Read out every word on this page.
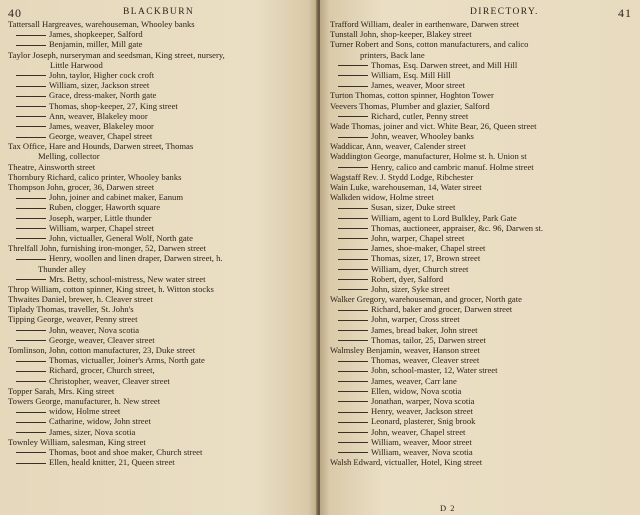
40	BLACKBURN
Tattersall Hargreaves, warehouseman, Whooley banks
James, shopkeeper, Salford
Benjamin, miller, Mill gate
Taylor Joseph, nurseryman and seedsman, King street, nursery,
Little Harwood
John, taylor, Higher cock croft
William, sizer, Jackson street
Grace, dress-maker, North gate
Thomas, shop-keeper, 27, King street
Ann, weaver, Blakeley moor
James, weaver, Blakeley moor
George, weaver, Chapel street
Tax Office, Hare and Hounds, Darwen street, Thomas
Melling, collector
Theatre, Ainsworth street
Thornbury Richard, calico printer, Whooley banks
Thompson John, grocer, 36, Darwen street
John, joiner and cabinet maker, Eanum
Ruben, clogger, Haworth square
Joseph, warper, Little thunder
William, warper, Chapel street
John, victualler, General Wolf, North gate
Threlfall John, furnishing iron-monger, 52, Darwen street
Henry, woollen and linen draper, Darwen street, h.
Thunder alley
Mrs. Betty, school-mistress, New water street
Throp William, cotton spinner, King street, h. Witton stocks
Thwaites Daniel, brewer, h. Cleaver street
Tiplady Thomas, traveller, St. John's
Tipping George, weaver, Penny street
John, weaver, Nova scotia
George, weaver, Cleaver street
Tomlinson, John, cotton manufacturer, 23, Duke street
Thomas, victualler, Joiner's Arms, North gate
Richard, grocer, Church street,
Christopher, weaver, Cleaver street
Topper Sarah, Mrs. King street
Towers George, manufacturer, h. New street
widow, Holme street
Catharine, widow, John street
James, sizer, Nova scotia
Townley William, salesman, King street
Thomas, boot and shoe maker, Church street
Ellen, heald knitter, 21, Queen street
DIRECTORY.	41
Trafford William, dealer in earthenware, Darwen street
Tunstall John, shop-keeper, Blakey street
Turner Robert and Sons, cotton manufacturers, and calico
printers, Back lane
Thomas, Esq. Darwen street, and Mill Hill
William, Esq. Mill Hill
James, weaver, Moor street
Turton Thomas, cotton spinner, Hoghton Tower
Veevers Thomas, Plumber and glazier, Salford
Richard, cutler, Penny street
Wade Thomas, joiner and vict. White Bear, 26, Queen street
John, weaver, Whooley banks
Waddicar, Ann, weaver, Calender street
Waddington George, manufacturer, Holme st. h. Union st
Henry, calico and cambric manuf. Holme street
Wagstaff Rev. J. Stydd Lodge, Ribchester
Wain Luke, warehouseman, 14, Water street
Walkden widow, Holme street
Susan, sizer, Duke street
William, agent to Lord Bulkley, Park Gate
Thomas, auctioneer, appraiser, &c. 96, Darwen st.
John, warper, Chapel street
James, shoe-maker, Chapel street
Thomas, sizer, 17, Brown street
William, dyer, Church street
Robert, dyer, Salford
John, sizer, Syke street
Walker Gregory, warehouseman, and grocer, North gate
Richard, baker and grocer, Darwen street
John, warper, Cross street
James, bread baker, John street
Thomas, tailor, 25, Darwen street
Walmsley Benjamin, weaver, Hanson street
Thomas, weaver, Cleaver street
John, school-master, 12, Water street
James, weaver, Carr lane
Ellen, widow, Nova scotia
Jonathan, warper, Nova scotia
Henry, weaver, Jackson street
Leonard, plasterer, Snig brook
John, weaver, Chapel street
William, weaver, Moor street
William, weaver, Nova scotia
Walsh Edward, victualler, Hotel, King street
D 2
